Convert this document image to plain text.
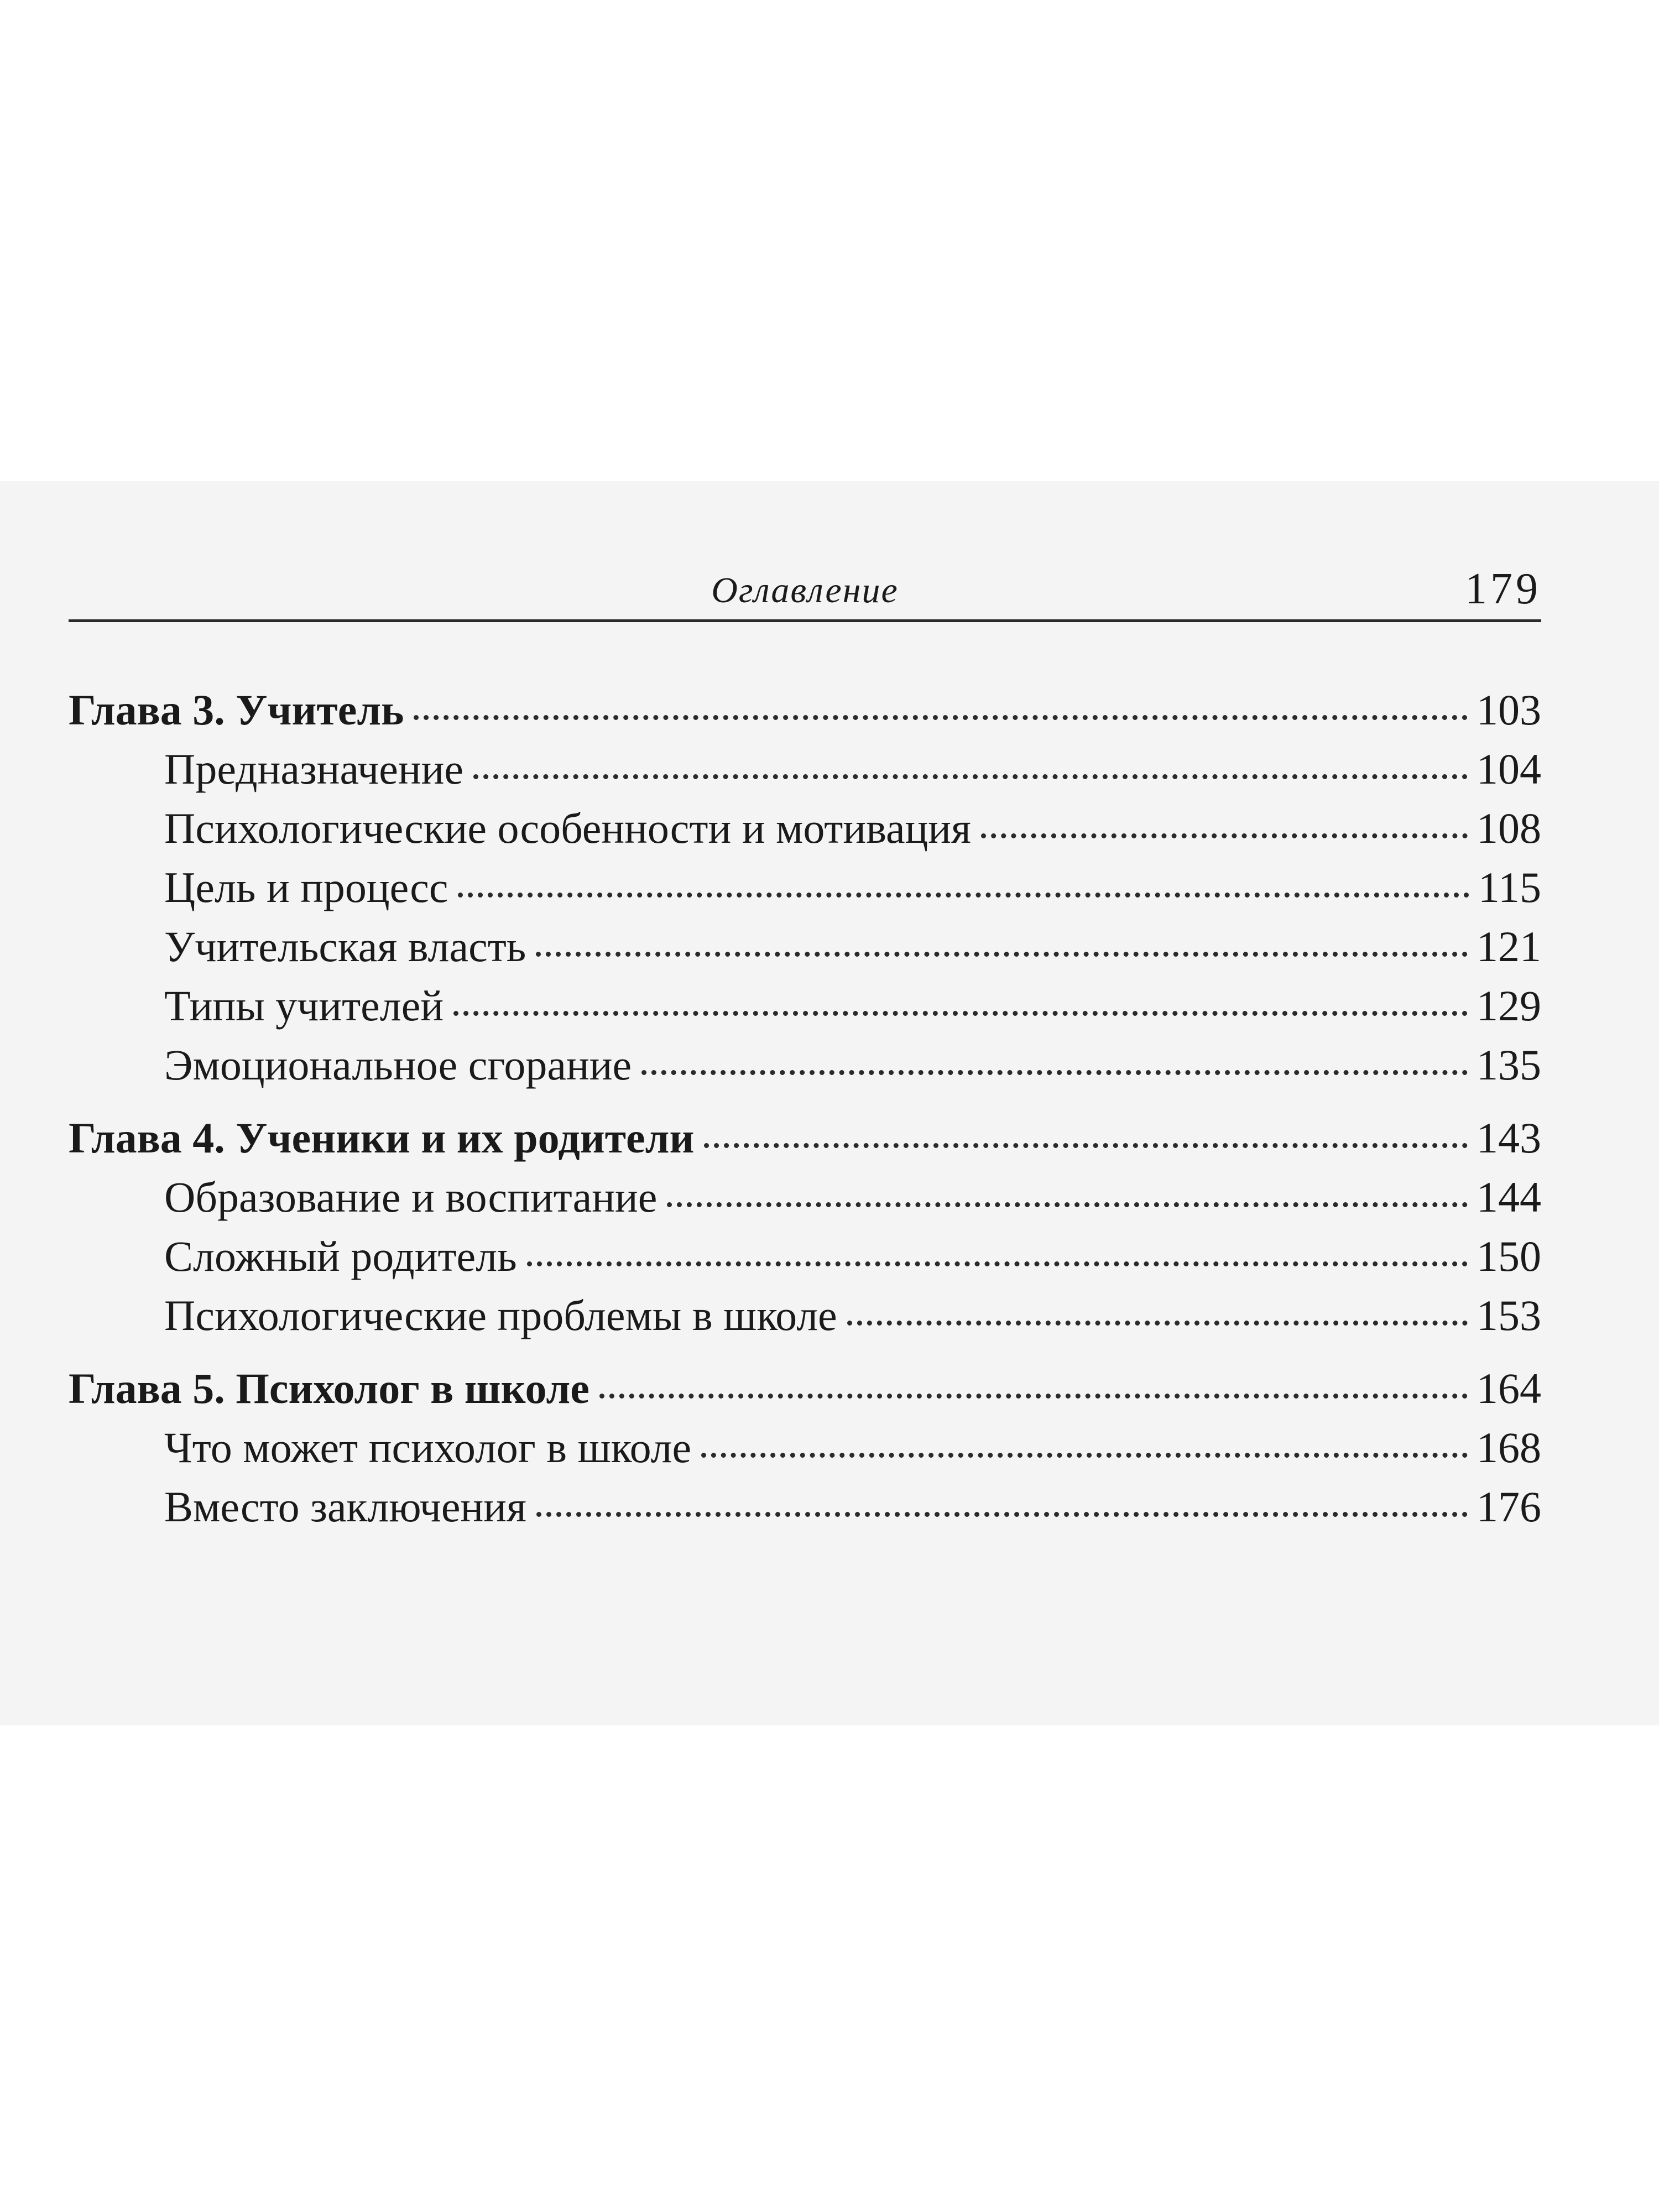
Оглавление	179
Глава 3. Учитель	103
Предназначение	104
Психологические особенности и мотивация	108
Цель и процесс	115
Учительская власть	121
Типы учителей	129
Эмоциональное сгорание	135
Глава 4. Ученики и их родители	143
Образование и воспитание	144
Сложный родитель	150
Психологические проблемы в школе	153
Глава 5. Психолог в школе	164
Что может психолог в школе	168
Вместо заключения	176
